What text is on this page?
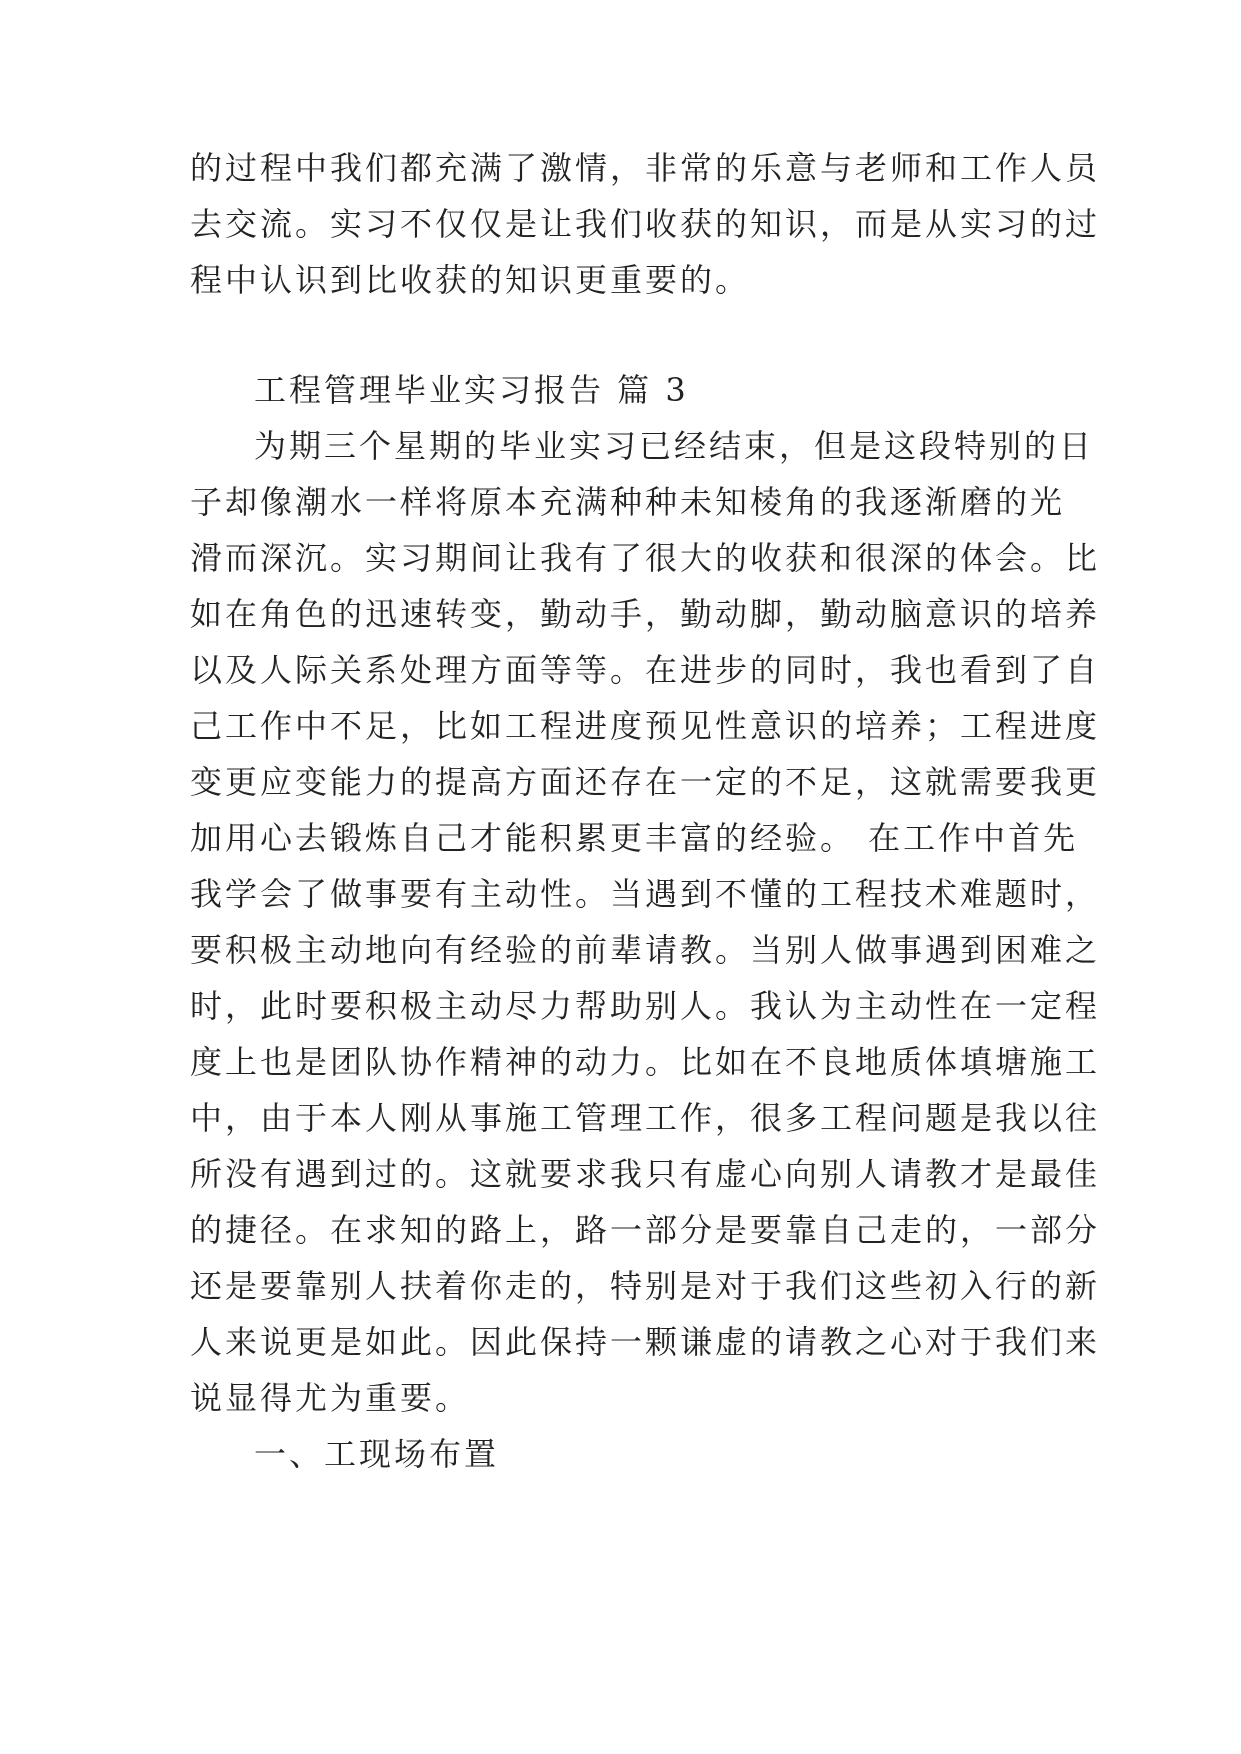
的过程中我们都充满了激情，非常的乐意与老师和工作人员
去交流。实习不仅仅是让我们收获的知识，而是从实习的过
程中认识到比收获的知识更重要的。
工程管理毕业实习报告 篇 3
为期三个星期的毕业实习已经结束，但是这段特别的日
子却像潮水一样将原本充满种种未知棱角的我逐渐磨的光
滑而深沉。实习期间让我有了很大的收获和很深的体会。比
如在角色的迅速转变，勤动手，勤动脚，勤动脑意识的培养
以及人际关系处理方面等等。在进步的同时，我也看到了自
己工作中不足，比如工程进度预见性意识的培养；工程进度
变更应变能力的提高方面还存在一定的不足，这就需要我更
加用心去锻炼自己才能积累更丰富的经验。 在工作中首先
我学会了做事要有主动性。当遇到不懂的工程技术难题时，
要积极主动地向有经验的前辈请教。当别人做事遇到困难之
时，此时要积极主动尽力帮助别人。我认为主动性在一定程
度上也是团队协作精神的动力。比如在不良地质体填塘施工
中，由于本人刚从事施工管理工作，很多工程问题是我以往
所没有遇到过的。这就要求我只有虚心向别人请教才是最佳
的捷径。在求知的路上，路一部分是要靠自己走的，一部分
还是要靠别人扶着你走的，特别是对于我们这些初入行的新
人来说更是如此。因此保持一颗谦虚的请教之心对于我们来
说显得尤为重要。
一、工现场布置
